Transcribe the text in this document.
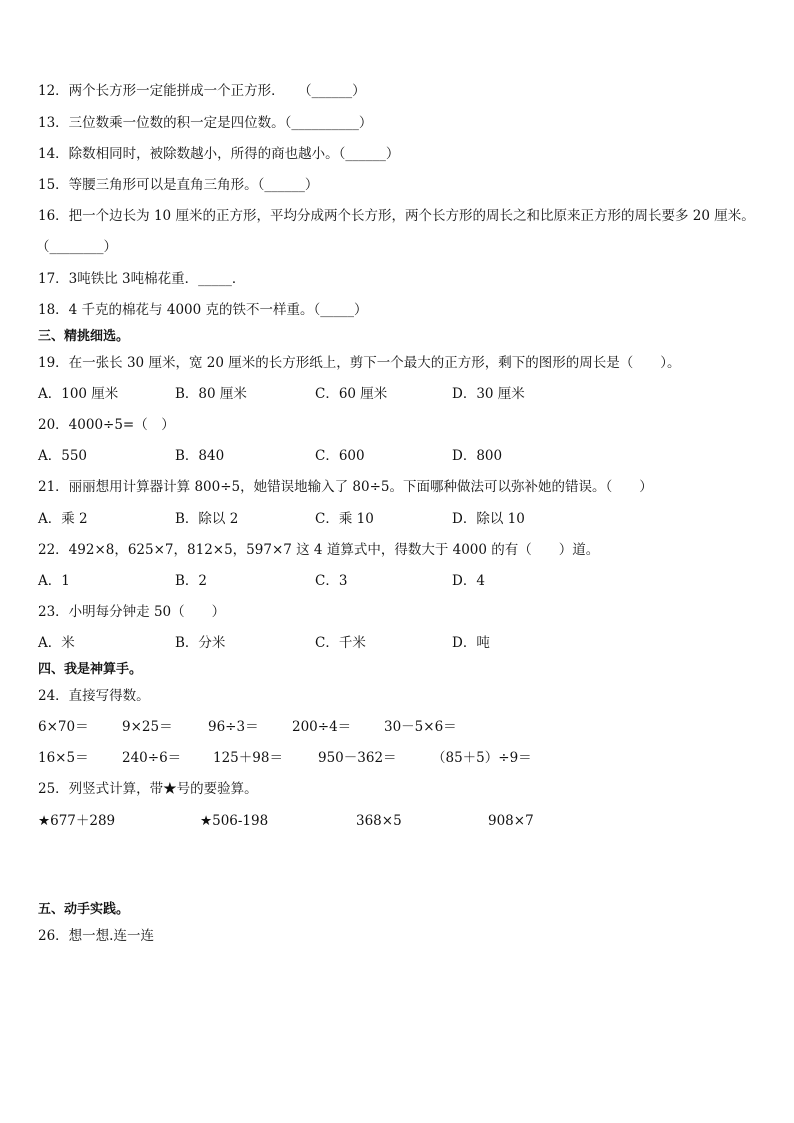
12．两个长方形一定能拼成一个正方形．　　（______）
13．三位数乘一位数的积一定是四位数。（__________）
14．除数相同时，被除数越小，所得的商也越小。（______）
15．等腰三角形可以是直角三角形。（______）
16．把一个边长为 10 厘米的正方形，平均分成两个长方形，两个长方形的周长之和比原来正方形的周长要多 20 厘米。
（________）
17．3吨铁比 3吨棉花重．_____．
18．4 千克的棉花与 4000 克的铁不一样重。（_____）
三、精挑细选。
19．在一张长 30 厘米，宽 20 厘米的长方形纸上，剪下一个最大的正方形，剩下的图形的周长是（　　）。
A．100 厘米	B．80 厘米	C．60 厘米	D．30 厘米
20．4000÷5=（　）
A．550	B．840	C．600	D．800
21．丽丽想用计算器计算 800÷5，她错误地输入了 80÷5。下面哪种做法可以弥补她的错误。（　　）
A．乘 2	B．除以 2	C．乘 10	D．除以 10
22．492×8，625×7，812×5，597×7 这 4 道算式中，得数大于 4000 的有（　　）道。
A．1	B．2	C．3	D．4
23．小明每分钟走 50（　　）
A．米	B．分米	C．千米	D．吨
四、我是神算手。
24．直接写得数。
6×70＝ 9×25＝	96÷3＝ 200÷4＝ 30－5×6＝
16×5＝ 240÷6＝ 125＋98＝	950－362＝	（85＋5）÷9＝
25．列竖式计算，带★号的要验算。
★677＋289	★506-198	368×5	908×7
五、动手实践。
26．想一想.连一连
